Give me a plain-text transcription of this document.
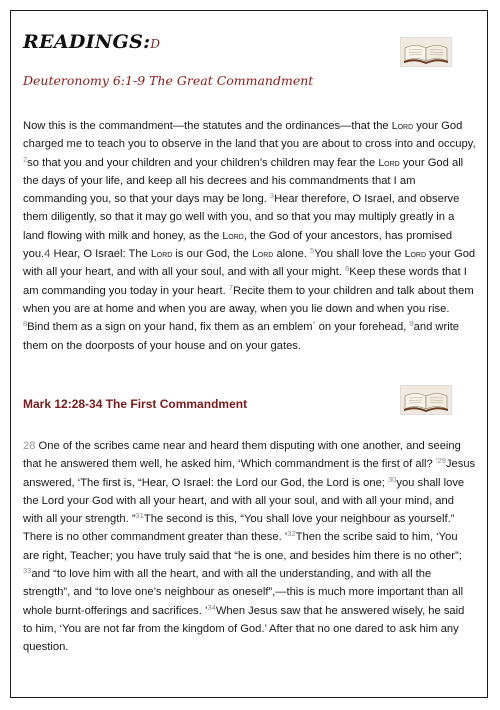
READINGS:D
Deuteronomy 6:1-9 The Great Commandment

Now this is the commandment—the statutes and the ordinances—that the Lord your God charged me to teach you to observe in the land that you are about to cross into and occupy, $^2$so that you and your children and your children’s children may fear the Lord your God all the days of your life, and keep all his decrees and his commandments that I am commanding you, so that your days may be long. $^3$Hear therefore, O Israel, and observe them diligently, so that it may go well with you, and so that you may multiply greatly in a land flowing with milk and honey, as the Lord, the God of your ancestors, has promised you.4 Hear, O Israel: The Lord is our God, the Lord alone. $^5$You shall love the Lord your God with all your heart, and with all your soul, and with all your might. $^6$Keep these words that I am commanding you today in your heart. $^7$Recite them to your children and talk about them when you are at home and when you are away, when you lie down and when you rise. $^8$Bind them as a sign on your hand, fix them as an emblem* on your forehead, $^9$and write them on the doorposts of your house and on your gates.

Mark 12:28-34 The First Commandment

28 One of the scribes came near and heard them disputing with one another, and seeing that he answered them well, he asked him, ‘Which commandment is the first of all? $^{’29}$Jesus answered, ‘The first is, “Hear, O Israel: the Lord our God, the Lord is one; $^{30}$you shall love the Lord your God with all your heart, and with all your soul, and with all your mind, and with all your strength. ”$^{31}$The second is this, “You shall love your neighbour as yourself.” There is no other commandment greater than these. ’$^{32}$Then the scribe said to him, ‘You are right, Teacher; you have truly said that “he is one, and besides him there is no other”; $^{33}$and “to love him with all the heart, and with all the understanding, and with all the strength”, and “to love one’s neighbour as oneself”,—this is much more important than all whole burnt-offerings and sacrifices. ’$^{34}$When Jesus saw that he answered wisely, he said to him, ‘You are not far from the kingdom of God.’ After that no one dared to ask him any question.
